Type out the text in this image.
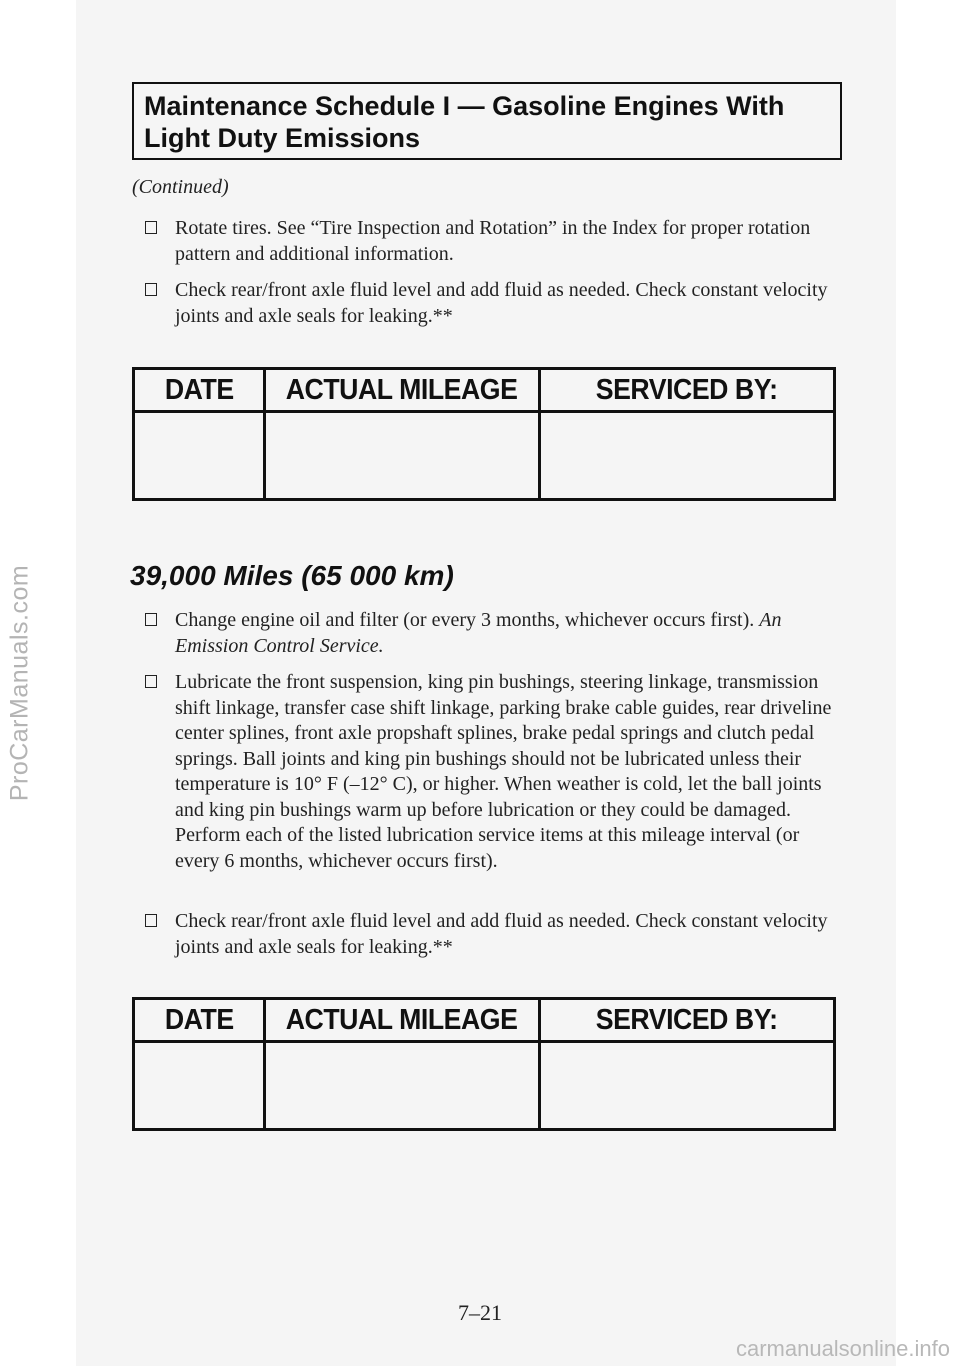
ProCarManuals.com
Maintenance Schedule I — Gasoline Engines With
Light Duty Emissions
(Continued)
Rotate tires. See “Tire Inspection and Rotation” in the Index for proper rotation pattern and additional information.
Check rear/front axle fluid level and add fluid as needed. Check constant velocity joints and axle seals for leaking.**
DATE	ACTUAL MILEAGE	SERVICED BY:

39,000 Miles (65 000 km)
Change engine oil and filter (or every 3 months, whichever occurs first). An Emission Control Service.
Lubricate the front suspension, king pin bushings, steering linkage, transmission shift linkage, transfer case shift linkage, parking brake cable guides, rear driveline center splines, front axle propshaft splines, brake pedal springs and clutch pedal springs. Ball joints and king pin bushings should not be lubricated unless their temperature is 10° F (–12° C), or higher. When weather is cold, let the ball joints and king pin bushings warm up before lubrication or they could be damaged. Perform each of the listed lubrication service items at this mileage interval (or every 6 months, whichever occurs first).
Check rear/front axle fluid level and add fluid as needed. Check constant velocity joints and axle seals for leaking.**
DATE	ACTUAL MILEAGE	SERVICED BY:

7–21
carmanualsonline.info
